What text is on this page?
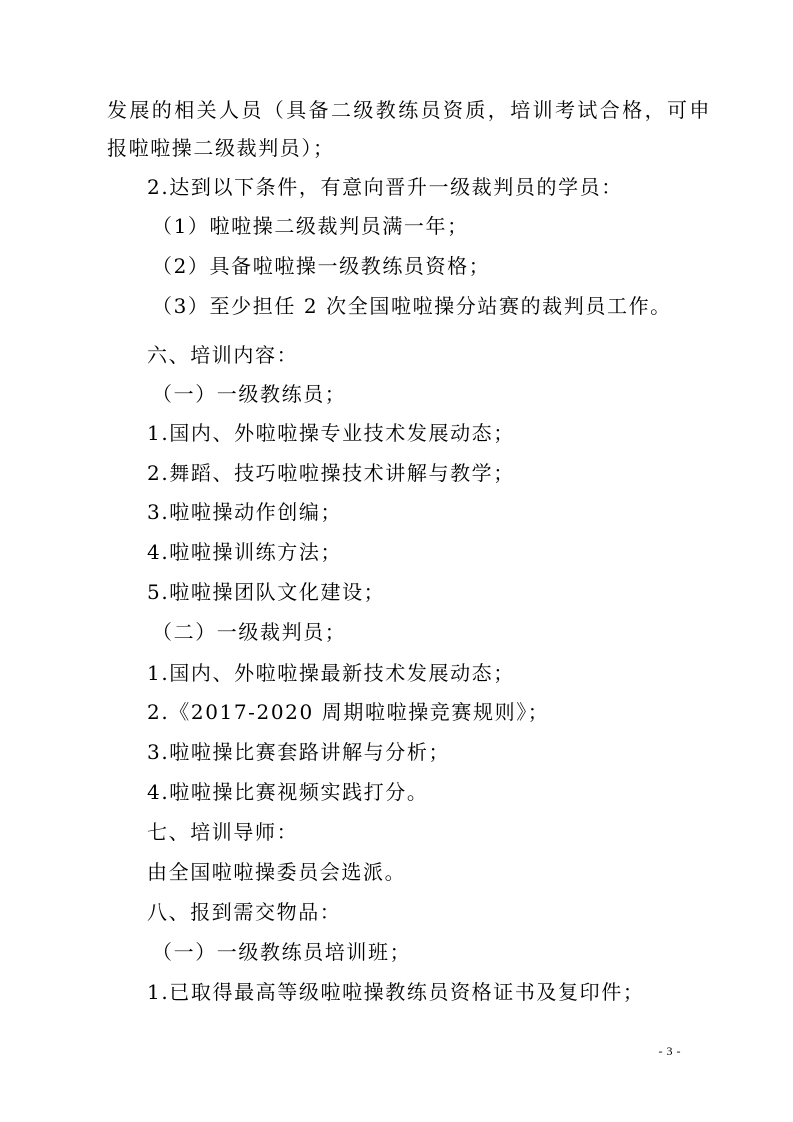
发展的相关人员（具备二级教练员资质，培训考试合格，可申
报啦啦操二级裁判员）；
2.达到以下条件，有意向晋升一级裁判员的学员：
（1）啦啦操二级裁判员满一年；
（2）具备啦啦操一级教练员资格；
（3）至少担任 2 次全国啦啦操分站赛的裁判员工作。
六、培训内容：
（一）一级教练员；
1.国内、外啦啦操专业技术发展动态；
2.舞蹈、技巧啦啦操技术讲解与教学；
3.啦啦操动作创编；
4.啦啦操训练方法；
5.啦啦操团队文化建设；
（二）一级裁判员；
1.国内、外啦啦操最新技术发展动态；
2.《2017-2020 周期啦啦操竞赛规则》；
3.啦啦操比赛套路讲解与分析；
4.啦啦操比赛视频实践打分。
七、培训导师：
由全国啦啦操委员会选派。
八、报到需交物品：
（一）一级教练员培训班；
1.已取得最高等级啦啦操教练员资格证书及复印件；
- 3 -
